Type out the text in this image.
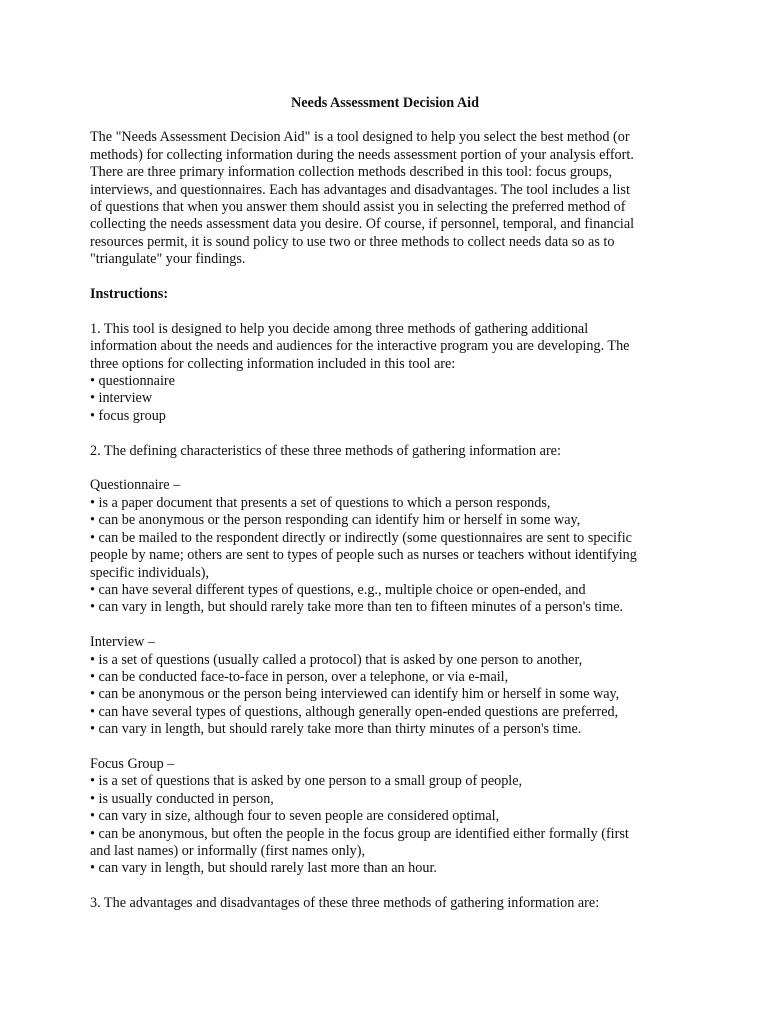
Needs Assessment Decision Aid
The "Needs Assessment Decision Aid" is a tool designed to help you select the best method (or
methods) for collecting information during the needs assessment portion of your analysis effort.
There are three primary information collection methods described in this tool: focus groups,
interviews, and questionnaires. Each has advantages and disadvantages. The tool includes a list
of questions that when you answer them should assist you in selecting the preferred method of
collecting the needs assessment data you desire. Of course, if personnel, temporal, and financial
resources permit, it is sound policy to use two or three methods to collect needs data so as to
"triangulate" your findings.
Instructions:
1. This tool is designed to help you decide among three methods of gathering additional
information about the needs and audiences for the interactive program you are developing. The
three options for collecting information included in this tool are:
• questionnaire
• interview
• focus group
2. The defining characteristics of these three methods of gathering information are:
Questionnaire –
• is a paper document that presents a set of questions to which a person responds,
• can be anonymous or the person responding can identify him or herself in some way,
• can be mailed to the respondent directly or indirectly (some questionnaires are sent to specific
people by name; others are sent to types of people such as nurses or teachers without identifying
specific individuals),
• can have several different types of questions, e.g., multiple choice or open-ended, and
• can vary in length, but should rarely take more than ten to fifteen minutes of a person's time.
Interview –
• is a set of questions (usually called a protocol) that is asked by one person to another,
• can be conducted face-to-face in person, over a telephone, or via e-mail,
• can be anonymous or the person being interviewed can identify him or herself in some way,
• can have several types of questions, although generally open-ended questions are preferred,
• can vary in length, but should rarely take more than thirty minutes of a person's time.
Focus Group –
• is a set of questions that is asked by one person to a small group of people,
• is usually conducted in person,
• can vary in size, although four to seven people are considered optimal,
• can be anonymous, but often the people in the focus group are identified either formally (first
and last names) or informally (first names only),
• can vary in length, but should rarely last more than an hour.
3. The advantages and disadvantages of these three methods of gathering information are:
